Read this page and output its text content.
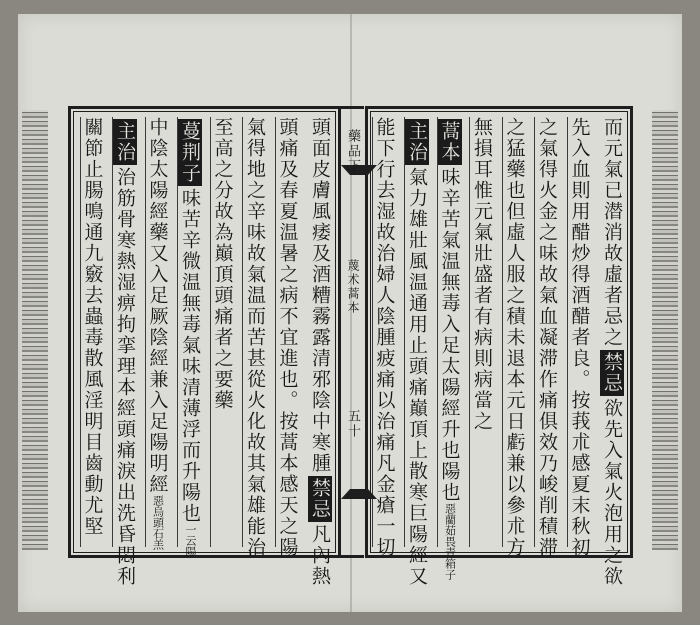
而元氣已潜消故虛者忌之禁忌欲先入氣火泡用之欲
先入血則用醋炒得酒醋者良。按莪朮感夏末秋初
之氣得火金之味故氣血凝滞作痛俱效乃峻削積滞
之猛藥也但虛人服之積未退本元日虧兼以參朮方
無損耳惟元氣壯盛者有病則病當之
蒿本味辛苦氣温無毒入足太陽經升也陽也惡藺茹畏青箱子
主治氣力雄壯風温通用止頭痛巔頂上散寒巨陽經又
能下行去湿故治婦人陰腫疲痛以治痛凡金瘡一切
藥品下
蔑术蒿本
五十
頭面皮膚風痿及酒糟霧露清邪陰中寒腫禁忌凡內熱
頭痛及春夏温暑之病不宜進也。按蒿本感天之陽
氣得地之辛味故氣温而苦甚從火化故其氣雄能治
至高之分故為巔頂頭痛者之要藥
蔓荆子味苦辛微温無毒氣味清薄浮而升陽也一云陽
中陰太陽經藥又入足厥陰經兼入足陽明經惡烏頭石羔
主治治筋骨寒熱湿痹拘挛理本經頭痛淚出洗昏悶利
關節止腸鳴通九竅去蟲毒散風淫明目齒動尤堅
